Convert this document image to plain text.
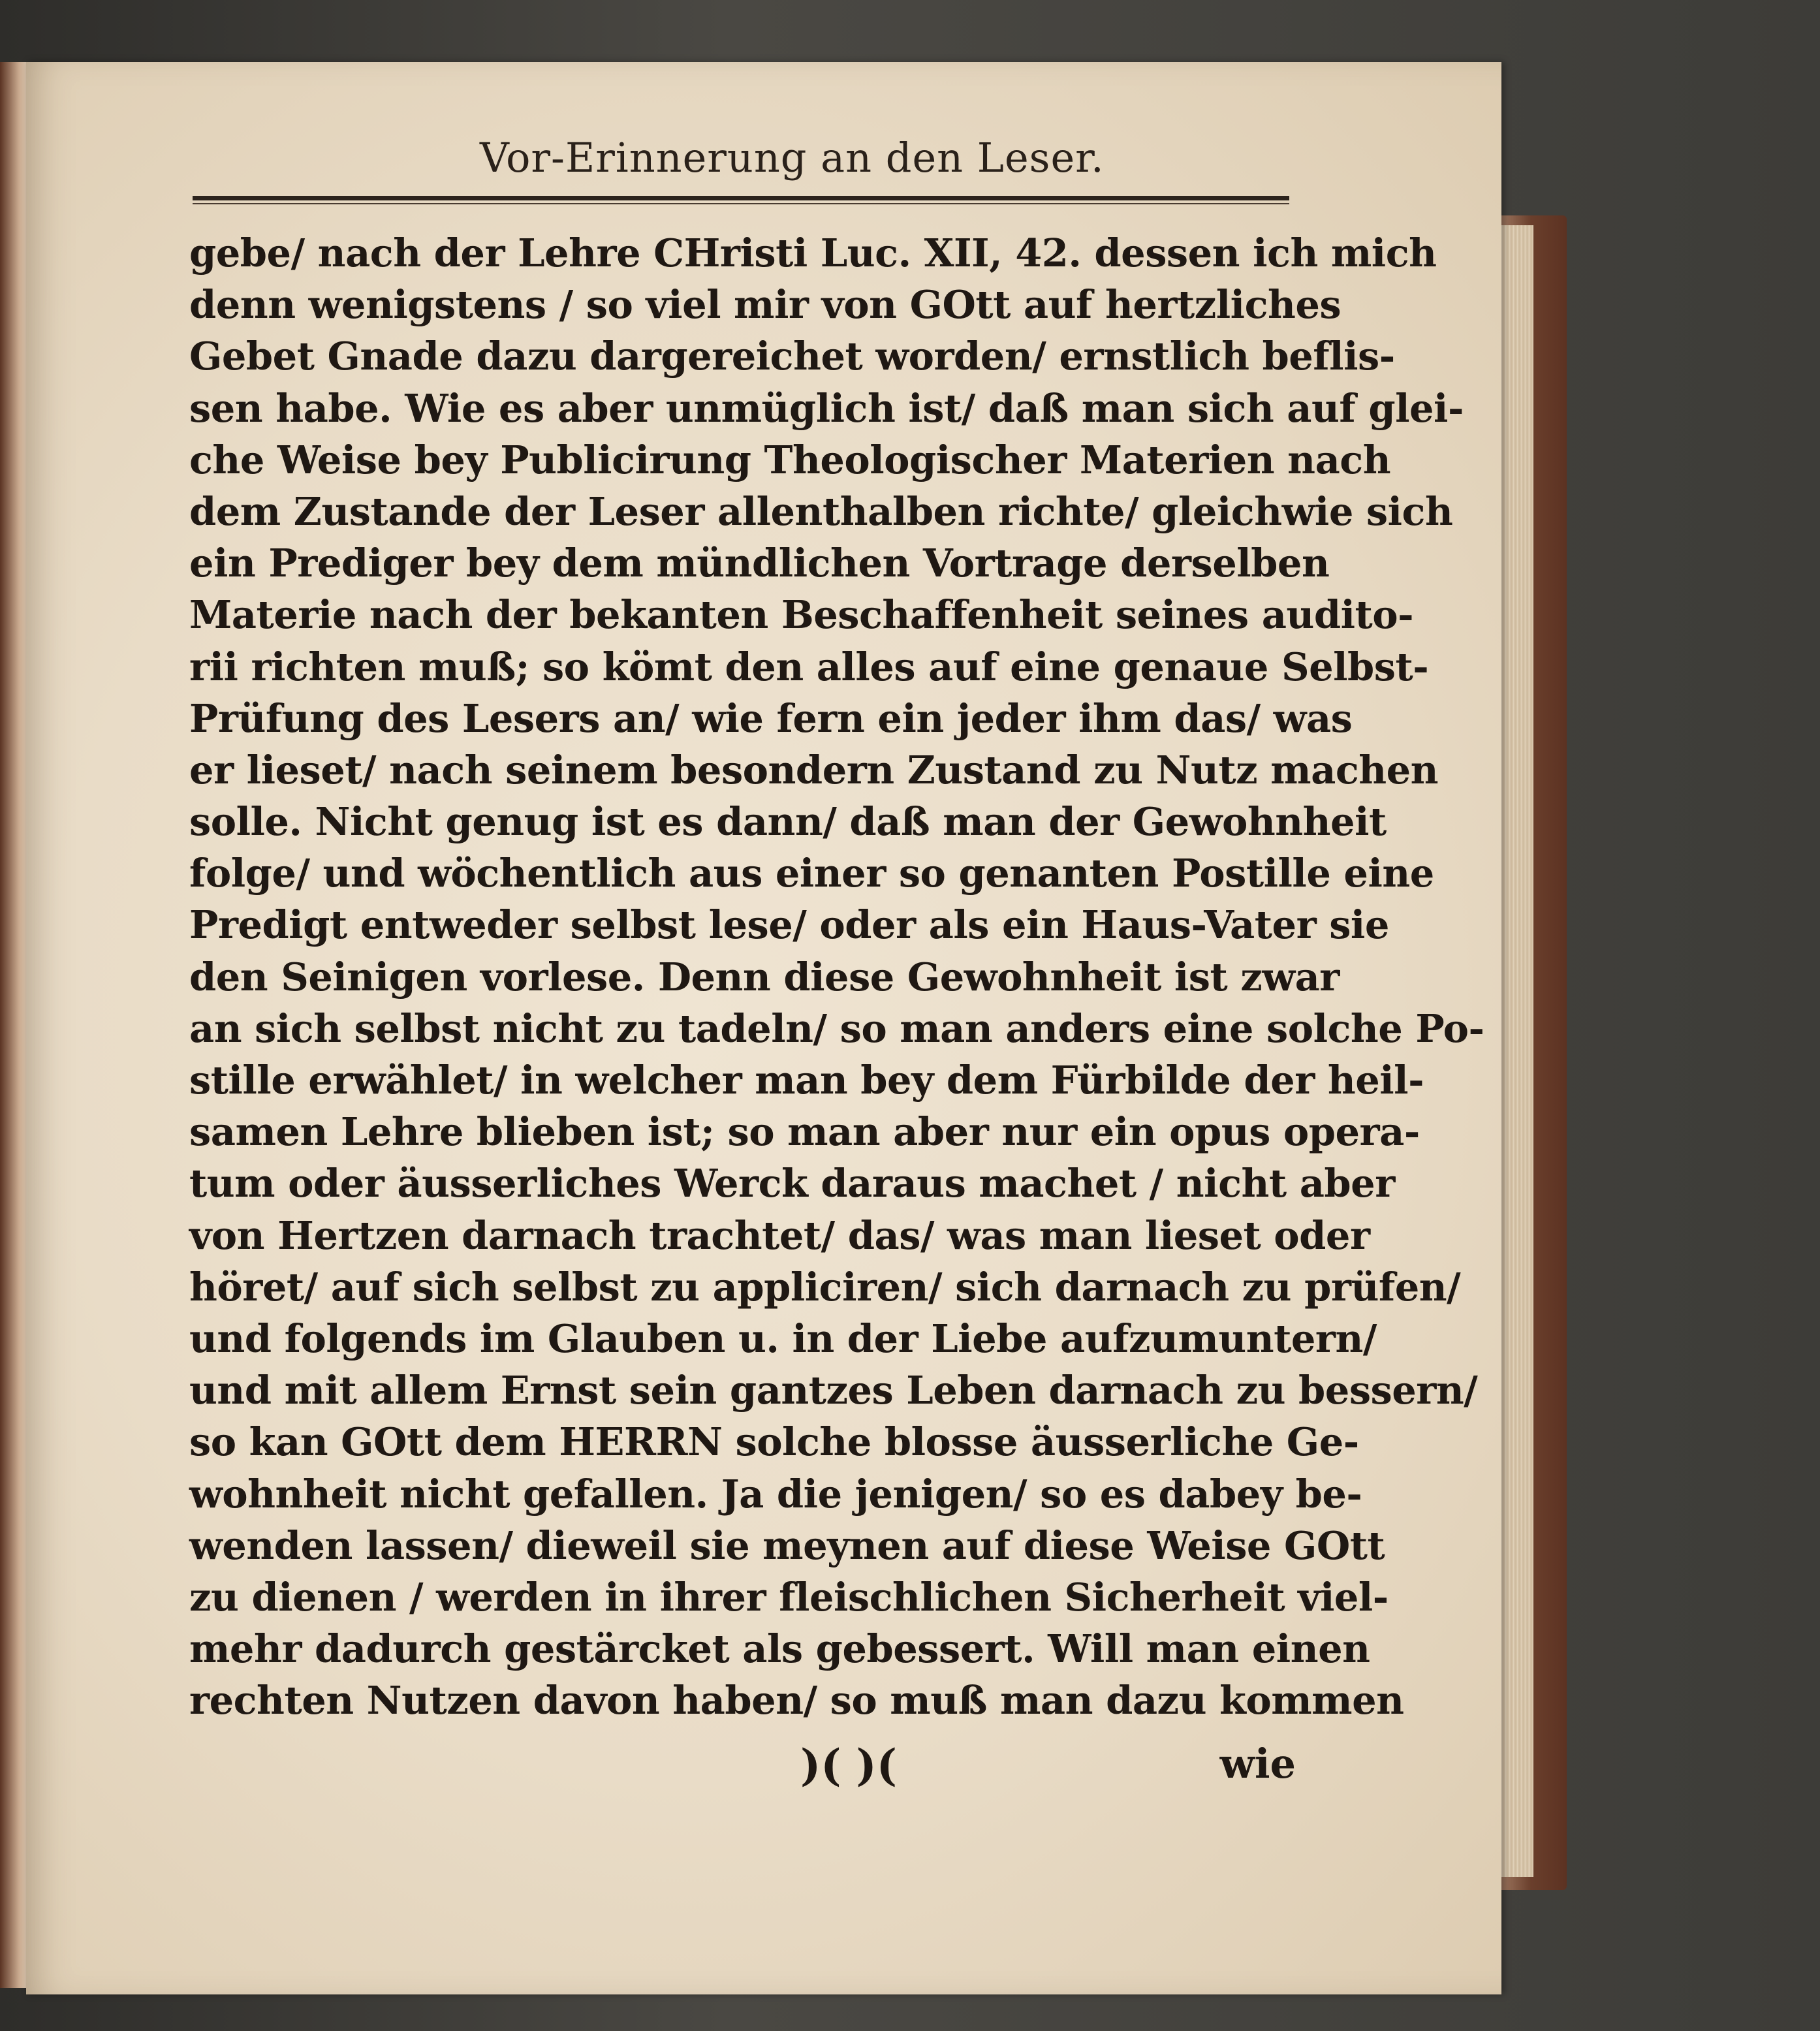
Vor-Erinnerung an den Leser.
gebe/ nach der Lehre CHristi Luc. XII, 42. dessen ich mich
denn wenigstens / so viel mir von GOtt auf hertzliches
Gebet Gnade dazu dargereichet worden/ ernstlich beflis-
sen habe. Wie es aber unmüglich ist/ daß man sich auf glei-
che Weise bey Publicirung Theologischer Materien nach
dem Zustande der Leser allenthalben richte/ gleichwie sich
ein Prediger bey dem mündlichen Vortrage derselben
Materie nach der bekanten Beschaffenheit seines audito-
rii richten muß; so kömt den alles auf eine genaue Selbst-
Prüfung des Lesers an/ wie fern ein jeder ihm das/ was
er lieset/ nach seinem besondern Zustand zu Nutz machen
solle. Nicht genug ist es dann/ daß man der Gewohnheit
folge/ und wöchentlich aus einer so genanten Postille eine
Predigt entweder selbst lese/ oder als ein Haus-Vater sie
den Seinigen vorlese. Denn diese Gewohnheit ist zwar
an sich selbst nicht zu tadeln/ so man anders eine solche Po-
stille erwählet/ in welcher man bey dem Fürbilde der heil-
samen Lehre blieben ist; so man aber nur ein opus opera-
tum oder äusserliches Werck daraus machet / nicht aber
von Hertzen darnach trachtet/ das/ was man lieset oder
höret/ auf sich selbst zu appliciren/ sich darnach zu prüfen/
und folgends im Glauben u. in der Liebe aufzumuntern/
und mit allem Ernst sein gantzes Leben darnach zu bessern/
so kan GOtt dem HERRN solche blosse äusserliche Ge-
wohnheit nicht gefallen. Ja die jenigen/ so es dabey be-
wenden lassen/ dieweil sie meynen auf diese Weise GOtt
zu dienen / werden in ihrer fleischlichen Sicherheit viel-
mehr dadurch gestärcket als gebessert. Will man einen
rechten Nutzen davon haben/ so muß man dazu kommen
)( )(	wie
